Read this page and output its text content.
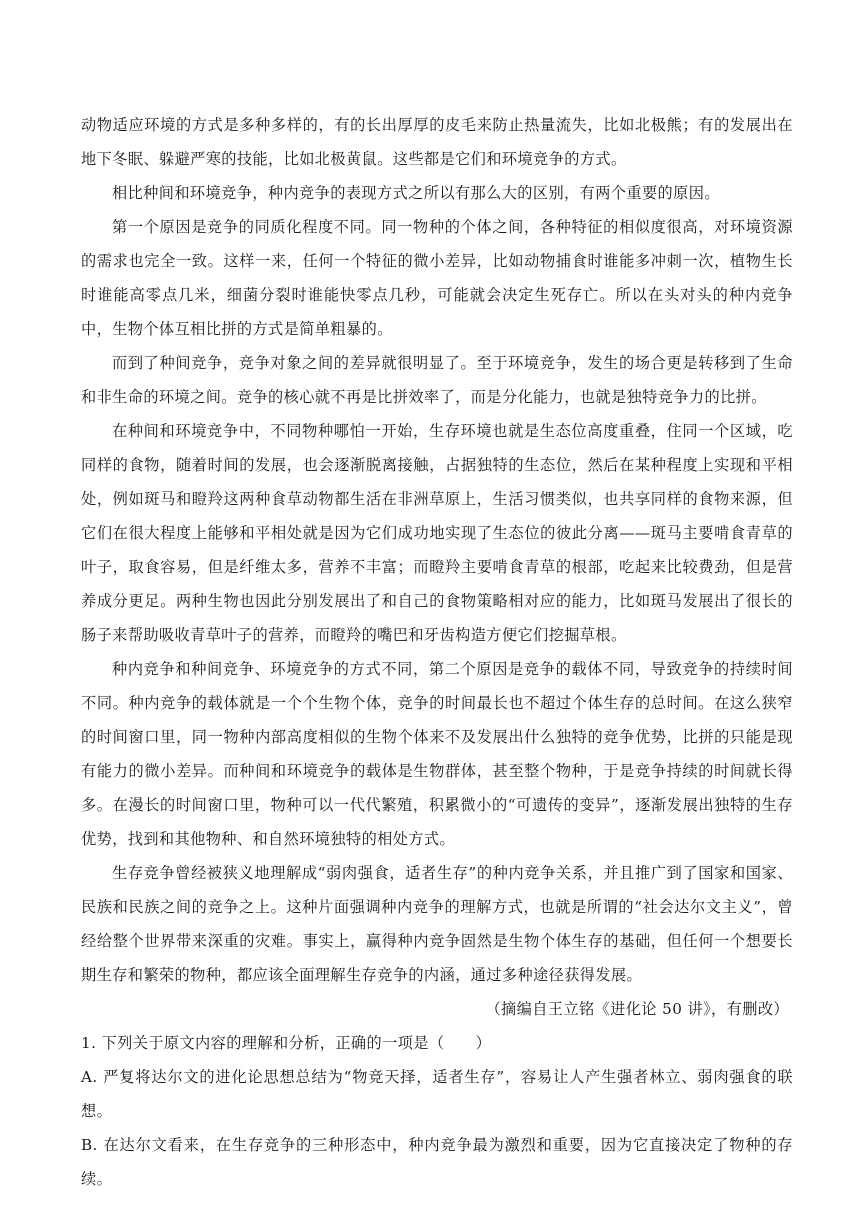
动物适应环境的方式是多种多样的，有的长出厚厚的皮毛来防止热量流失，比如北极熊；有的发展出在地下冬眠、躲避严寒的技能，比如北极黄鼠。这些都是它们和环境竞争的方式。

相比种间和环境竞争，种内竞争的表现方式之所以有那么大的区别，有两个重要的原因。

第一个原因是竞争的同质化程度不同。同一物种的个体之间，各种特征的相似度很高，对环境资源的需求也完全一致。这样一来，任何一个特征的微小差异，比如动物捕食时谁能多冲刺一次，植物生长时谁能高零点几米，细菌分裂时谁能快零点几秒，可能就会决定生死存亡。所以在头对头的种内竞争中，生物个体互相比拼的方式是简单粗暴的。

而到了种间竞争，竞争对象之间的差异就很明显了。至于环境竞争，发生的场合更是转移到了生命和非生命的环境之间。竞争的核心就不再是比拼效率了，而是分化能力，也就是独特竞争力的比拼。

在种间和环境竞争中，不同物种哪怕一开始，生存环境也就是生态位高度重叠，住同一个区域，吃同样的食物，随着时间的发展，也会逐渐脱离接触，占据独特的生态位，然后在某种程度上实现和平相处，例如斑马和瞪羚这两种食草动物都生活在非洲草原上，生活习惯类似，也共享同样的食物来源，但它们在很大程度上能够和平相处就是因为它们成功地实现了生态位的彼此分离——斑马主要啃食青草的叶子，取食容易，但是纤维太多，营养不丰富；而瞪羚主要啃食青草的根部，吃起来比较费劲，但是营养成分更足。两种生物也因此分别发展出了和自己的食物策略相对应的能力，比如斑马发展出了很长的肠子来帮助吸收青草叶子的营养，而瞪羚的嘴巴和牙齿构造方便它们挖掘草根。

种内竞争和种间竞争、环境竞争的方式不同，第二个原因是竞争的载体不同，导致竞争的持续时间不同。种内竞争的载体就是一个个生物个体，竞争的时间最长也不超过个体生存的总时间。在这么狭窄的时间窗口里，同一物种内部高度相似的生物个体来不及发展出什么独特的竞争优势，比拼的只能是现有能力的微小差异。而种间和环境竞争的载体是生物群体，甚至整个物种，于是竞争持续的时间就长得多。在漫长的时间窗口里，物种可以一代代繁殖，积累微小的“可遗传的变异”，逐渐发展出独特的生存优势，找到和其他物种、和自然环境独特的相处方式。

生存竞争曾经被狭义地理解成“弱肉强食，适者生存”的种内竞争关系，并且推广到了国家和国家、民族和民族之间的竞争之上。这种片面强调种内竞争的理解方式，也就是所谓的“社会达尔文主义”，曾经给整个世界带来深重的灾难。事实上，赢得种内竞争固然是生物个体生存的基础，但任何一个想要长期生存和繁荣的物种，都应该全面理解生存竞争的内涵，通过多种途径获得发展。

（摘编自王立铭《进化论 50 讲》，有删改）

1. 下列关于原文内容的理解和分析，正确的一项是（　　）

A. 严复将达尔文的进化论思想总结为“物竞天择，适者生存”，容易让人产生强者林立、弱肉强食的联想。

B. 在达尔文看来，在生存竞争的三种形态中，种内竞争最为激烈和重要，因为它直接决定了物种的存续。
